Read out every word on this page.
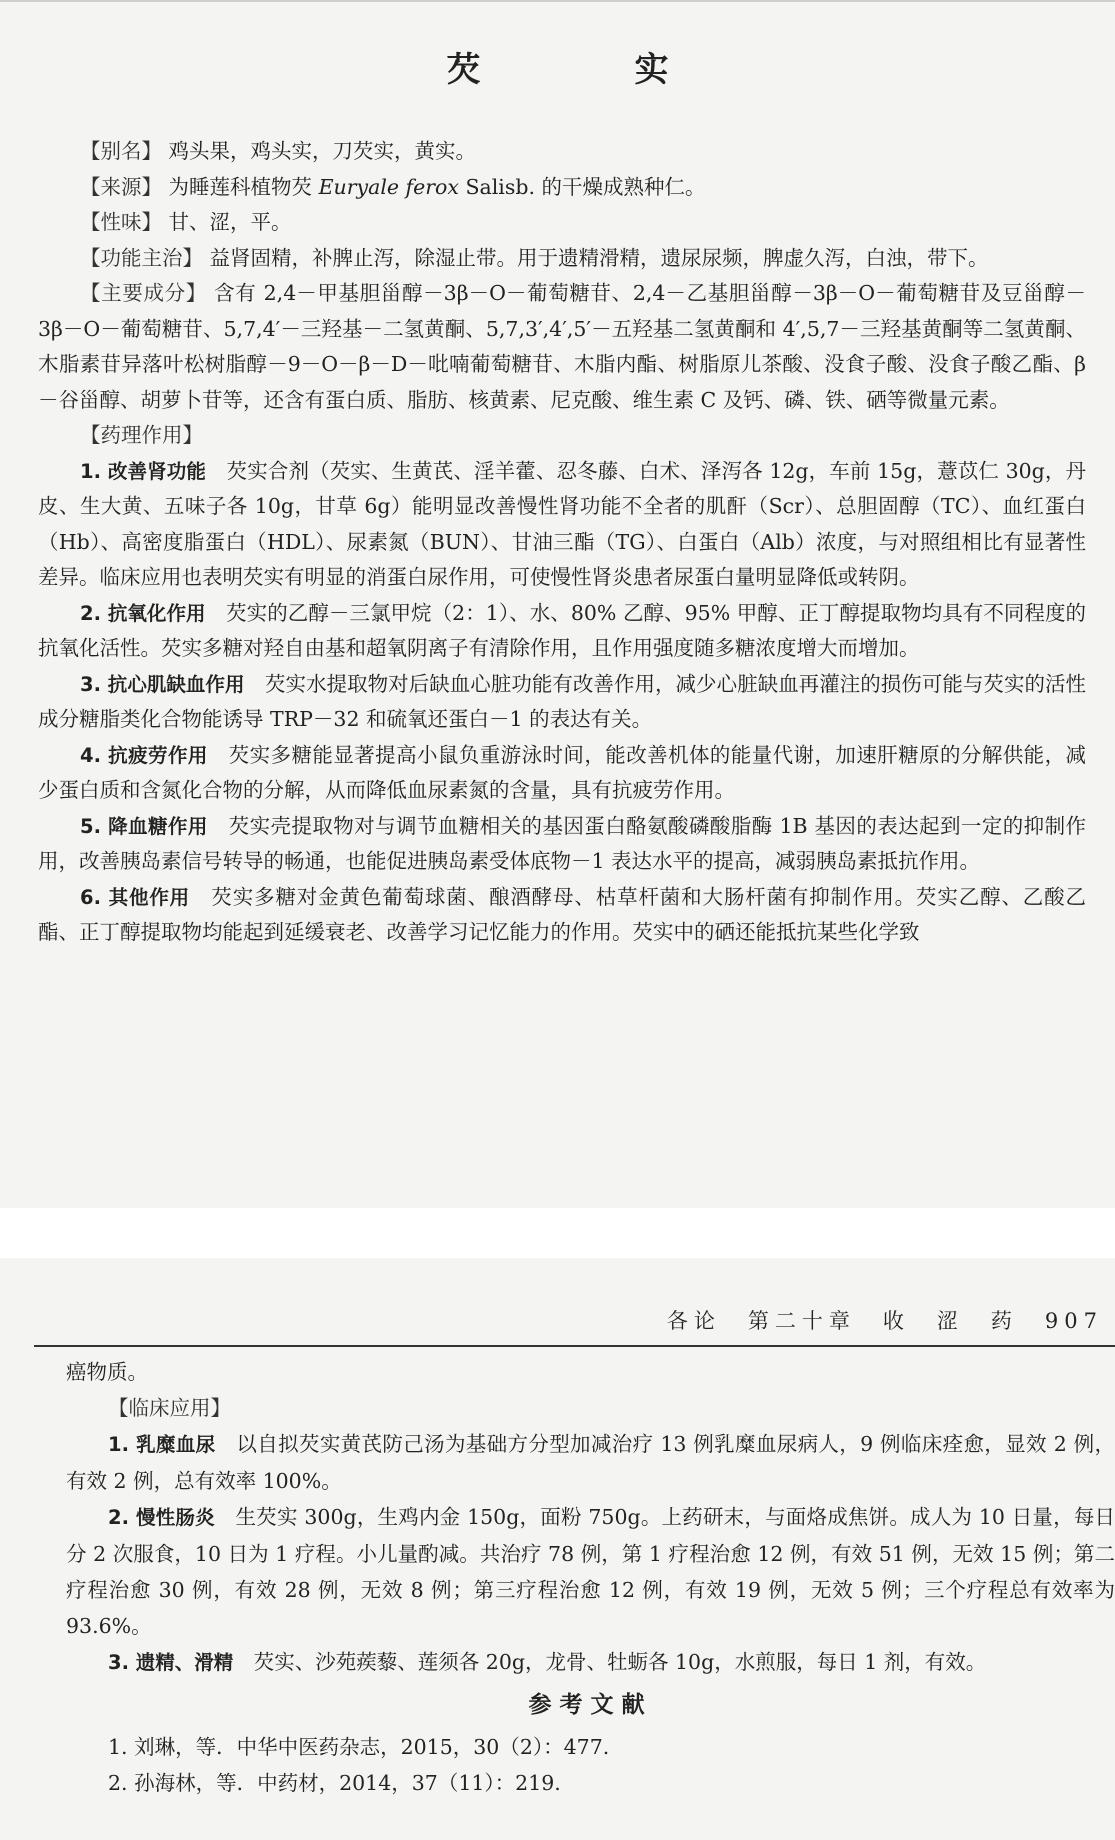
芡　实

【别名】 鸡头果，鸡头实，刀芡实，黄实。

【来源】 为睡莲科植物芡 Euryale ferox Salisb. 的干燥成熟种仁。

【性味】 甘、涩，平。

【功能主治】 益肾固精，补脾止泻，除湿止带。用于遗精滑精，遗尿尿频，脾虚久泻，白浊，带下。

【主要成分】 含有 2,4－甲基胆甾醇－3β－O－葡萄糖苷、2,4－乙基胆甾醇－3β－O－葡萄糖苷及豆甾醇－3β－O－葡萄糖苷、5,7,4′－三羟基－二氢黄酮、5,7,3′,4′,5′－五羟基二氢黄酮和 4′,5,7－三羟基黄酮等二氢黄酮、木脂素苷异落叶松树脂醇－9－O－β－D－吡喃葡萄糖苷、木脂内酯、树脂原儿茶酸、没食子酸、没食子酸乙酯、β－谷甾醇、胡萝卜苷等，还含有蛋白质、脂肪、核黄素、尼克酸、维生素 C 及钙、磷、铁、硒等微量元素。

【药理作用】

1. 改善肾功能　 芡实合剂（芡实、生黄芪、淫羊藿、忍冬藤、白术、泽泻各 12g，车前 15g，薏苡仁 30g，丹皮、生大黄、五味子各 10g，甘草 6g）能明显改善慢性肾功能不全者的肌酐（Scr）、总胆固醇（TC）、血红蛋白（Hb）、高密度脂蛋白（HDL）、尿素氮（BUN）、甘油三酯（TG）、白蛋白（Alb）浓度，与对照组相比有显著性差异。临床应用也表明芡实有明显的消蛋白尿作用，可使慢性肾炎患者尿蛋白量明显降低或转阴。

2. 抗氧化作用　 芡实的乙醇－三氯甲烷（2：1）、水、80% 乙醇、95% 甲醇、正丁醇提取物均具有不同程度的抗氧化活性。芡实多糖对羟自由基和超氧阴离子有清除作用，且作用强度随多糖浓度增大而增加。

3. 抗心肌缺血作用　 芡实水提取物对后缺血心脏功能有改善作用，减少心脏缺血再灌注的损伤可能与芡实的活性成分糖脂类化合物能诱导 TRP－32 和硫氧还蛋白－1 的表达有关。

4. 抗疲劳作用　 芡实多糖能显著提高小鼠负重游泳时间，能改善机体的能量代谢，加速肝糖原的分解供能，减少蛋白质和含氮化合物的分解，从而降低血尿素氮的含量，具有抗疲劳作用。

5. 降血糖作用　 芡实壳提取物对与调节血糖相关的基因蛋白酪氨酸磷酸脂酶 1B 基因的表达起到一定的抑制作用，改善胰岛素信号转导的畅通，也能促进胰岛素受体底物－1 表达水平的提高，减弱胰岛素抵抗作用。

6. 其他作用　 芡实多糖对金黄色葡萄球菌、酿酒酵母、枯草杆菌和大肠杆菌有抑制作用。芡实乙醇、乙酸乙酯、正丁醇提取物均能起到延缓衰老、改善学习记忆能力的作用。芡实中的硒还能抵抗某些化学致

各论　第二十章　收　涩　药　907

癌物质。

【临床应用】

1. 乳糜血尿　 以自拟芡实黄芪防己汤为基础方分型加减治疗 13 例乳糜血尿病人，9 例临床痊愈，显效 2 例，有效 2 例，总有效率 100%。

2. 慢性肠炎　 生芡实 300g，生鸡内金 150g，面粉 750g。上药研末，与面烙成焦饼。成人为 10 日量，每日分 2 次服食，10 日为 1 疗程。小儿量酌减。共治疗 78 例，第 1 疗程治愈 12 例，有效 51 例，无效 15 例；第二疗程治愈 30 例，有效 28 例，无效 8 例；第三疗程治愈 12 例，有效 19 例，无效 5 例；三个疗程总有效率为 93.6%。

3. 遗精、滑精　 芡实、沙苑蒺藜、莲须各 20g，龙骨、牡蛎各 10g，水煎服，每日 1 剂，有效。

参考文献

1. 刘琳，等．中华中医药杂志，2015，30（2）：477.

2. 孙海林，等．中药材，2014，37（11）：219.
